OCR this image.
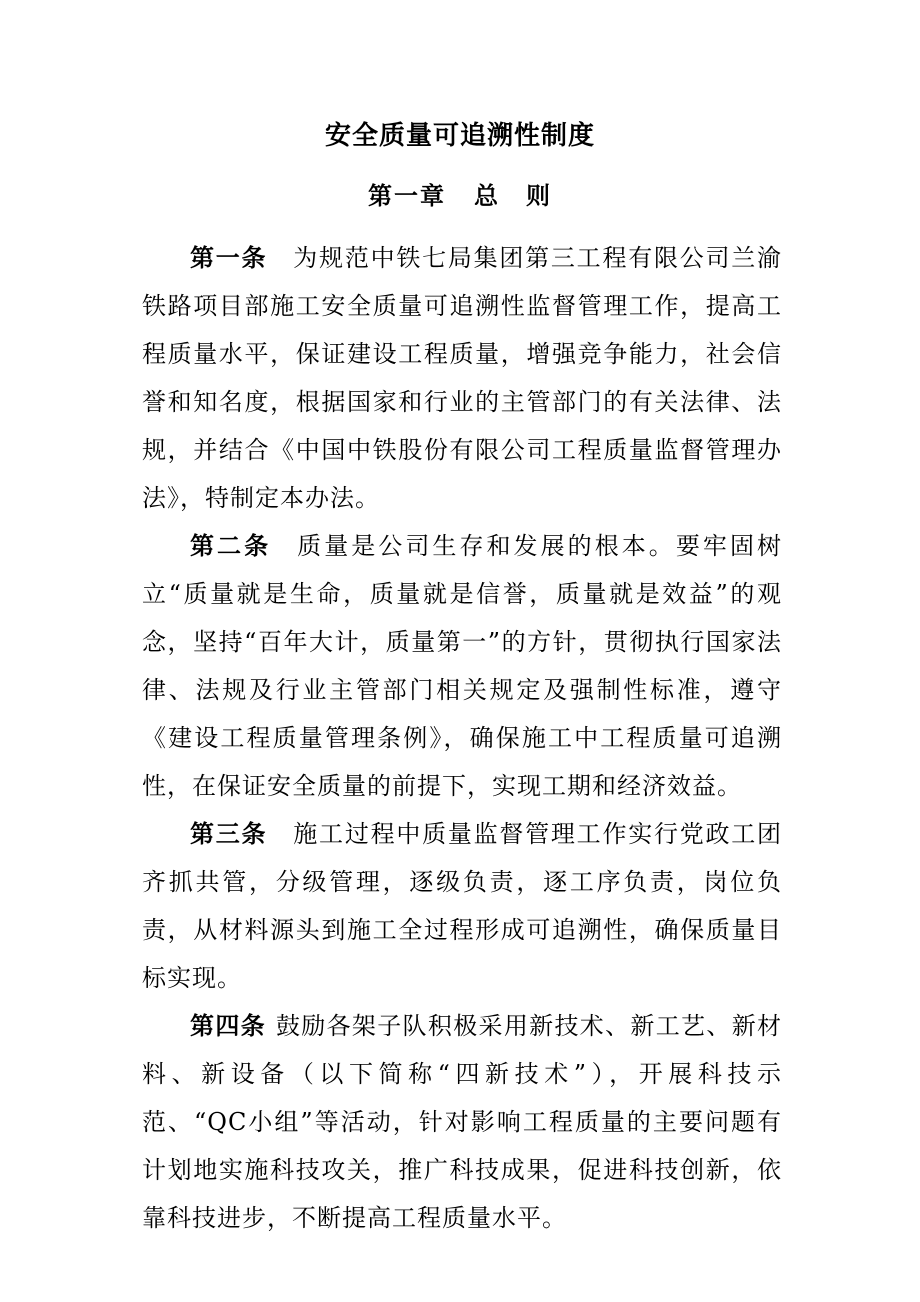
安全质量可追溯性制度
第一章 总　则

第一条 为规范中铁七局集团第三工程有限公司兰渝铁路项目部施工安全质量可追溯性监督管理工作，提高工程质量水平，保证建设工程质量，增强竞争能力，社会信誉和知名度，根据国家和行业的主管部门的有关法律、法规，并结合《中国中铁股份有限公司工程质量监督管理办法》，特制定本办法。

第二条 质量是公司生存和发展的根本。要牢固树立“质量就是生命，质量就是信誉，质量就是效益”的观念，坚持“百年大计，质量第一”的方针，贯彻执行国家法律、法规及行业主管部门相关规定及强制性标准，遵守《建设工程质量管理条例》，确保施工中工程质量可追溯性，在保证安全质量的前提下，实现工期和经济效益。

第三条 施工过程中质量监督管理工作实行党政工团齐抓共管，分级管理，逐级负责，逐工序负责，岗位负责，从材料源头到施工全过程形成可追溯性，确保质量目标实现。

第四条 鼓励各架子队积极采用新技术、新工艺、新材料、新设备（以下简称“四新技术”），开展科技示范、“QC小组”等活动，针对影响工程质量的主要问题有计划地实施科技攻关，推广科技成果，促进科技创新，依靠科技进步，不断提高工程质量水平。
